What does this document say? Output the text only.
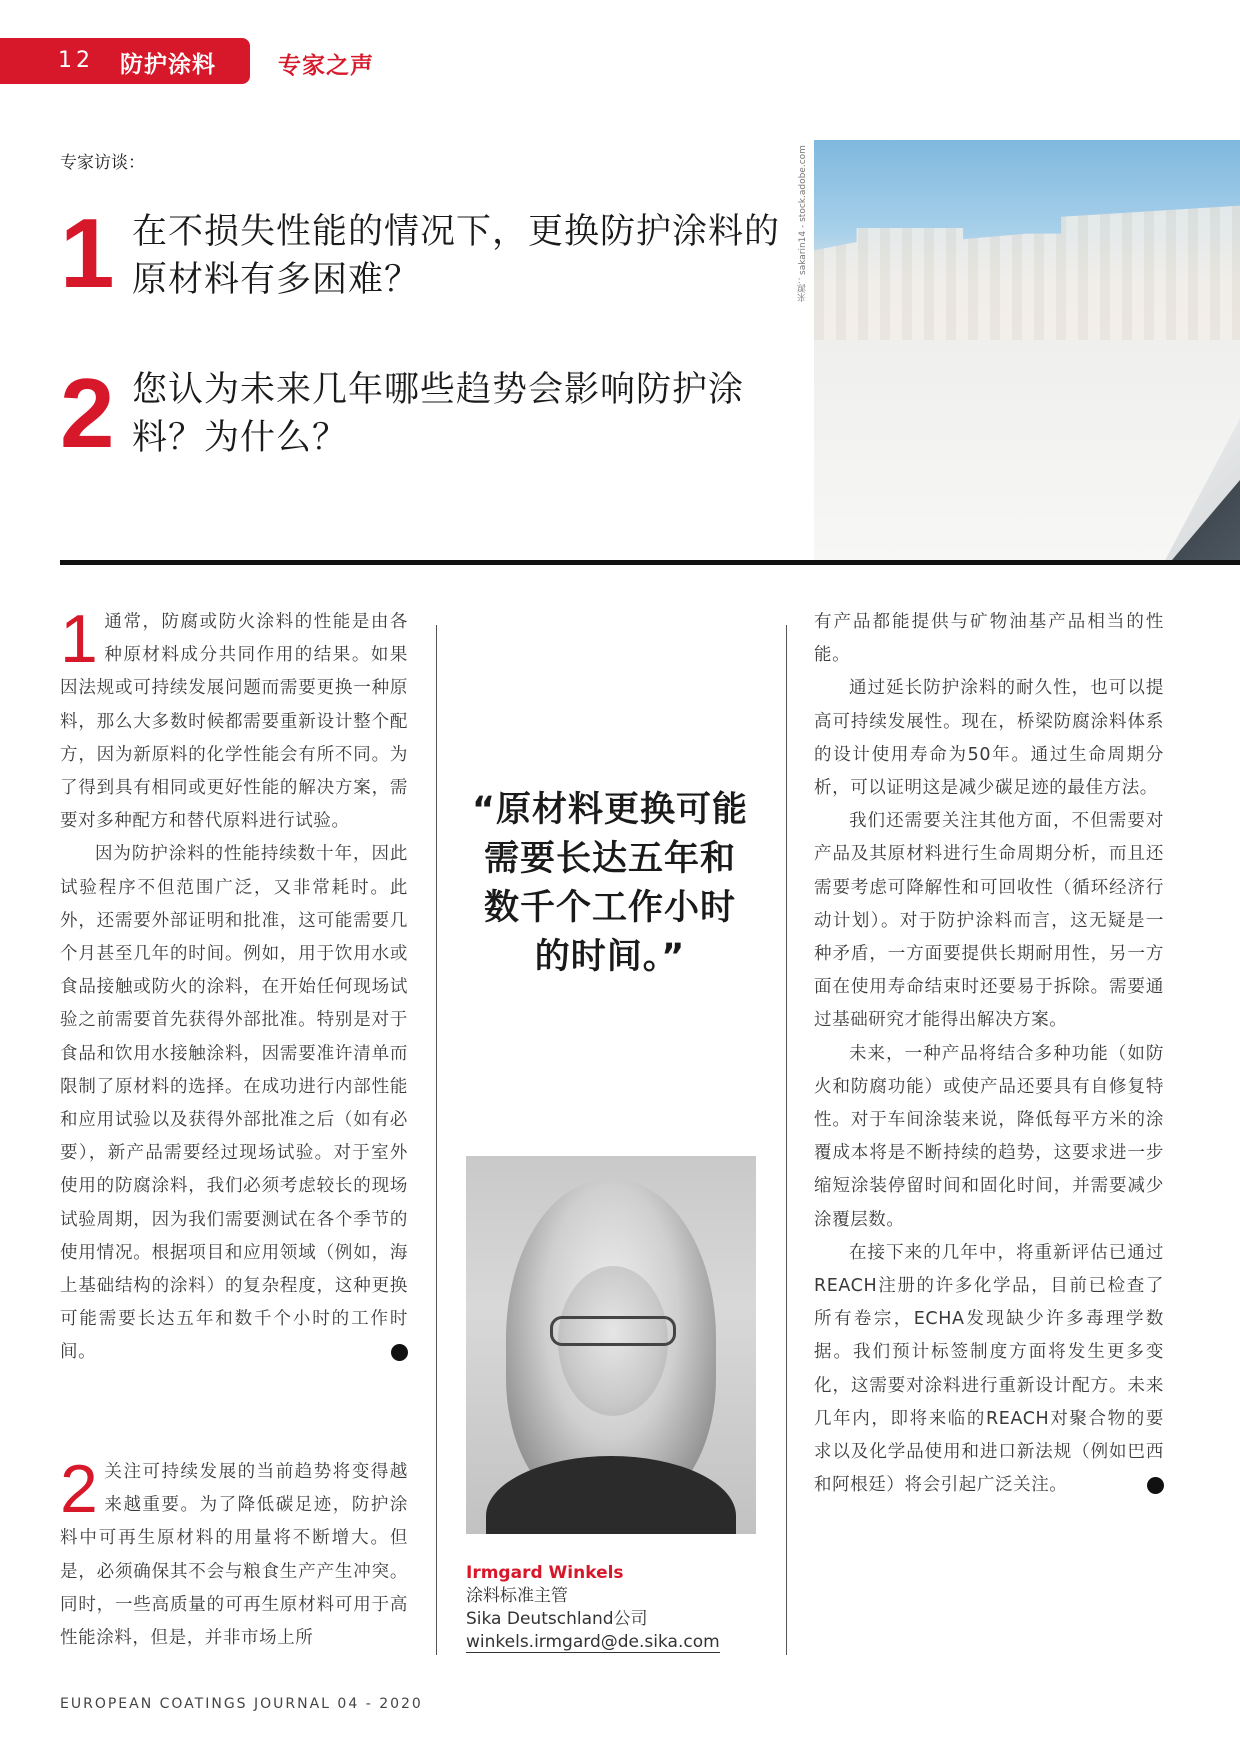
12 防护涂料	专家之声
专家访谈：
1 在不损失性能的情况下，更换防护涂料的原材料有多困难？
2 您认为未来几年哪些趋势会影响防护涂料？为什么？
来源：sakarin14 - stock.adobe.com

1 通常，防腐或防火涂料的性能是由各种原材料成分共同作用的结果。如果因法规或可持续发展问题而需要更换一种原料，那么大多数时候都需要重新设计整个配方，因为新原料的化学性能会有所不同。为了得到具有相同或更好性能的解决方案，需要对多种配方和替代原料进行试验。

因为防护涂料的性能持续数十年，因此试验程序不但范围广泛，又非常耗时。此外，还需要外部证明和批准，这可能需要几个月甚至几年的时间。例如，用于饮用水或食品接触或防火的涂料，在开始任何现场试验之前需要首先获得外部批准。特别是对于食品和饮用水接触涂料，因需要准许清单而限制了原材料的选择。在成功进行内部性能和应用试验以及获得外部批准之后（如有必要），新产品需要经过现场试验。对于室外使用的防腐涂料，我们必须考虑较长的现场试验周期，因为我们需要测试在各个季节的使用情况。根据项目和应用领域（例如，海上基础结构的涂料）的复杂程度，这种更换可能需要长达五年和数千个小时的工作时间。	❮

2 关注可持续发展的当前趋势将变得越来越重要。为了降低碳足迹，防护涂料中可再生原材料的用量将不断增大。但是，必须确保其不会与粮食生产产生冲突。同时，一些高质量的可再生原材料可用于高性能涂料，但是，并非市场上所

“原材料更换可能需要长达五年和数千个工作小时的时间。”
Irmgard Winkels
涂料标准主管
Sika Deutschland公司
winkels.irmgard@de.sika.com

有产品都能提供与矿物油基产品相当的性能。

通过延长防护涂料的耐久性，也可以提高可持续发展性。现在，桥梁防腐涂料体系的设计使用寿命为50年。通过生命周期分析，可以证明这是减少碳足迹的最佳方法。

我们还需要关注其他方面，不但需要对产品及其原材料进行生命周期分析，而且还需要考虑可降解性和可回收性（循环经济行动计划）。对于防护涂料而言，这无疑是一种矛盾，一方面要提供长期耐用性，另一方面在使用寿命结束时还要易于拆除。需要通过基础研究才能得出解决方案。

未来，一种产品将结合多种功能（如防火和防腐功能）或使产品还要具有自修复特性。对于车间涂装来说，降低每平方米的涂覆成本将是不断持续的趋势，这要求进一步缩短涂装停留时间和固化时间，并需要减少涂覆层数。

在接下来的几年中，将重新评估已通过REACH注册的许多化学品，目前已检查了所有卷宗，ECHA发现缺少许多毒理学数据。我们预计标签制度方面将发生更多变化，这需要对涂料进行重新设计配方。未来几年内，即将来临的REACH对聚合物的要求以及化学品使用和进口新法规（例如巴西和阿根廷）将会引起广泛关注。	❮

EUROPEAN COATINGS JOURNAL 04 - 2020
